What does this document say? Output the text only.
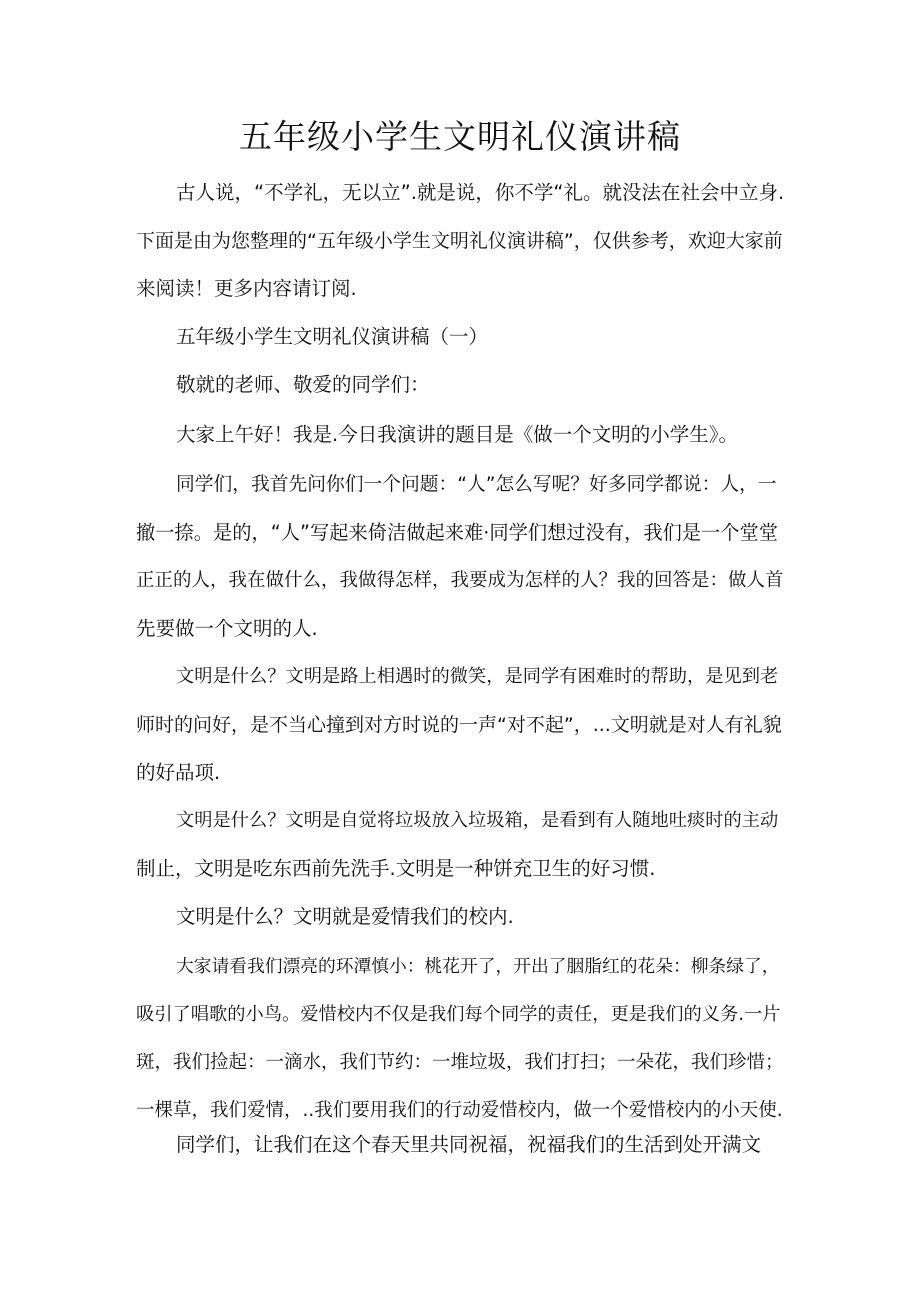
五年级小学生文明礼仪演讲稿

古人说，“不学礼，无以立”.就是说，你不学“礼。就没法在社会中立身.

下面是由为您整理的“五年级小学生文明礼仪演讲稿”，仅供参考，欢迎大家前

来阅读！更多内容请订阅.

五年级小学生文明礼仪演讲稿（一）

敬就的老师、敬爱的同学们：

大家上午好！我是.今日我演讲的题目是《做一个文明的小学生》。

同学们，我首先问你们一个问题：“人”怎么写呢？好多同学都说：人，一

撤一捺。是的，“人”写起来倚洁做起来难·同学们想过没有，我们是一个堂堂

正正的人，我在做什么，我做得怎样，我要成为怎样的人？我的回答是：做人首

先要做一个文明的人.

文明是什么？文明是路上相遇时的微笑，是同学有困难时的帮助，是见到老

师时的问好，是不当心撞到对方时说的一声“对不起”，...文明就是对人有礼貌

的好品项.

文明是什么？文明是自觉将垃圾放入垃圾箱，是看到有人随地吐痰时的主动

制止，文明是吃东西前先洗手.文明是一种饼充卫生的好习惯.

文明是什么？文明就是爱情我们的校内.

大家请看我们漂亮的环潭慎小：桃花开了，开出了胭脂红的花朵：柳条绿了，

吸引了唱歌的小鸟。爱惜校内不仅是我们每个同学的责任，更是我们的义务.一片

斑，我们捡起：一滴水，我们节约：一堆垃圾，我们打扫；一朵花，我们珍惜；

一棵草，我们爱情，..我们要用我们的行动爱惜校内，做一个爱惜校内的小天使.

同学们，让我们在这个春天里共同祝福，祝福我们的生活到处开满文
